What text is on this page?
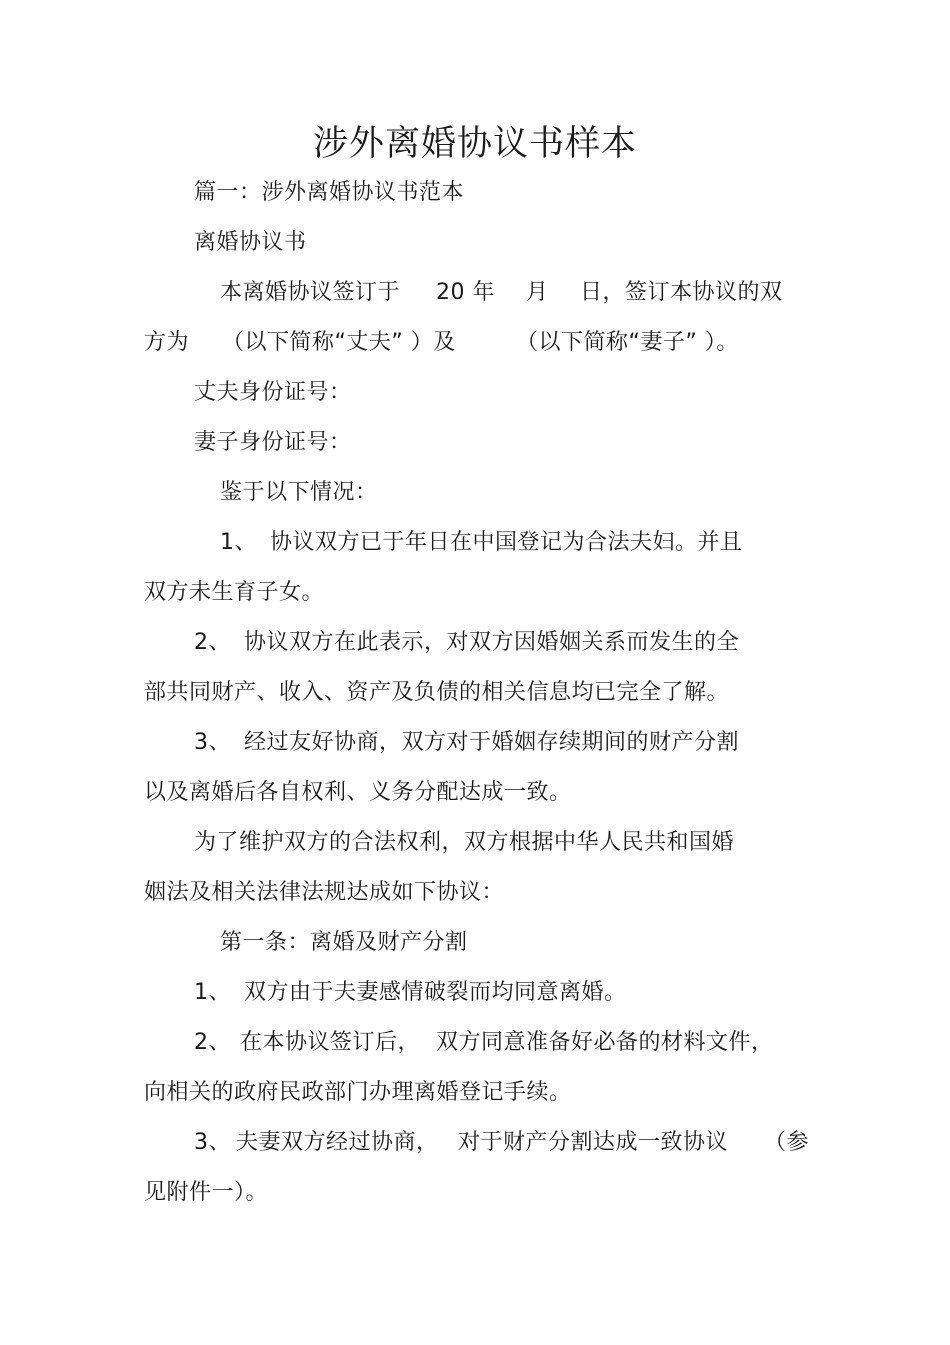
涉外离婚协议书样本
篇一：涉外离婚协议书范本
离婚协议书
本离婚协议签订于 20 年 月 日，签订本协议的双
方为 （以下简称“丈夫” ）及	（以下简称“妻子” ）。
丈夫身份证号：
妻子身份证号：
鉴于以下情况：
1、 协议双方已于年日在中国登记为合法夫妇。并且
双方未生育子女。
2、 协议双方在此表示，对双方因婚姻关系而发生的全
部共同财产、收入、资产及负债的相关信息均已完全了解。
3、 经过友好协商，双方对于婚姻存续期间的财产分割
以及离婚后各自权利、义务分配达成一致。
为了维护双方的合法权利，双方根据中华人民共和国婚
姻法及相关法律法规达成如下协议：
第一条：离婚及财产分割
1、 双方由于夫妻感情破裂而均同意离婚。
2、 在本协议签订后， 双方同意准备好必备的材料文件，
向相关的政府民政部门办理离婚登记手续。
3、 夫妻双方经过协商， 对于财产分割达成一致协议 （参
见附件一）。
